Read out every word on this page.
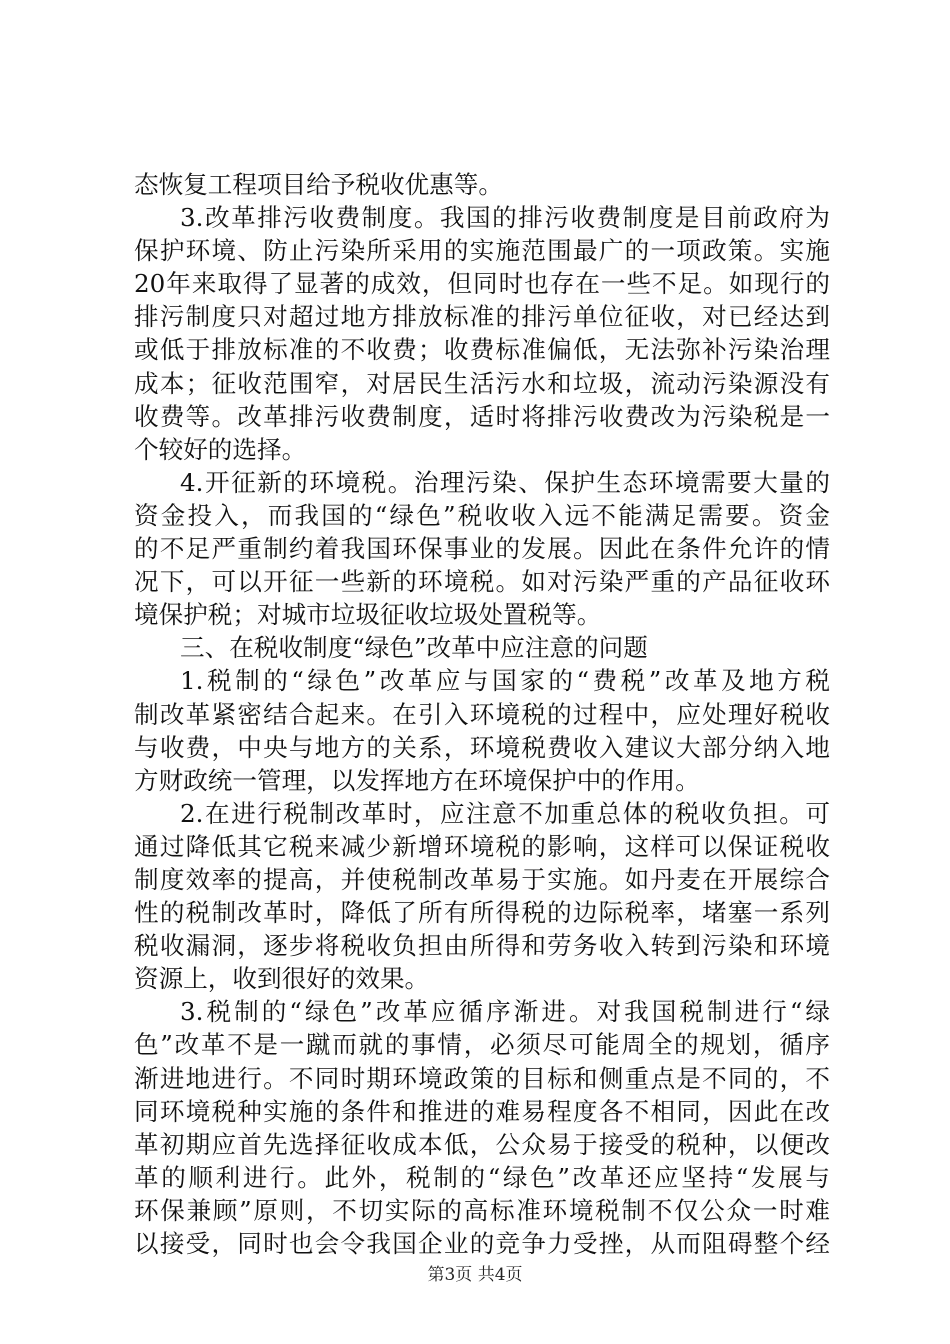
态恢复工程项目给予税收优惠等。
3.改革排污收费制度。我国的排污收费制度是目前政府为
保护环境、防止污染所采用的实施范围最广的一项政策。实施
20年来取得了显著的成效，但同时也存在一些不足。如现行的
排污制度只对超过地方排放标准的排污单位征收，对已经达到
或低于排放标准的不收费；收费标准偏低，无法弥补污染治理
成本；征收范围窄，对居民生活污水和垃圾，流动污染源没有
收费等。改革排污收费制度，适时将排污收费改为污染税是一
个较好的选择。
4.开征新的环境税。治理污染、保护生态环境需要大量的
资金投入，而我国的“绿色”税收收入远不能满足需要。资金
的不足严重制约着我国环保事业的发展。因此在条件允许的情
况下，可以开征一些新的环境税。如对污染严重的产品征收环
境保护税；对城市垃圾征收垃圾处置税等。
三、在税收制度“绿色”改革中应注意的问题
1.税制的“绿色”改革应与国家的“费税”改革及地方税
制改革紧密结合起来。在引入环境税的过程中，应处理好税收
与收费，中央与地方的关系，环境税费收入建议大部分纳入地
方财政统一管理，以发挥地方在环境保护中的作用。
2.在进行税制改革时，应注意不加重总体的税收负担。可
通过降低其它税来减少新增环境税的影响，这样可以保证税收
制度效率的提高，并使税制改革易于实施。如丹麦在开展综合
性的税制改革时，降低了所有所得税的边际税率，堵塞一系列
税收漏洞，逐步将税收负担由所得和劳务收入转到污染和环境
资源上，收到很好的效果。
3.税制的“绿色”改革应循序渐进。对我国税制进行“绿
色”改革不是一蹴而就的事情，必须尽可能周全的规划，循序
渐进地进行。不同时期环境政策的目标和侧重点是不同的，不
同环境税种实施的条件和推进的难易程度各不相同，因此在改
革初期应首先选择征收成本低，公众易于接受的税种，以便改
革的顺利进行。此外，税制的“绿色”改革还应坚持“发展与
环保兼顾”原则，不切实际的高标准环境税制不仅公众一时难
以接受，同时也会令我国企业的竞争力受挫，从而阻碍整个经
第3页 共4页
